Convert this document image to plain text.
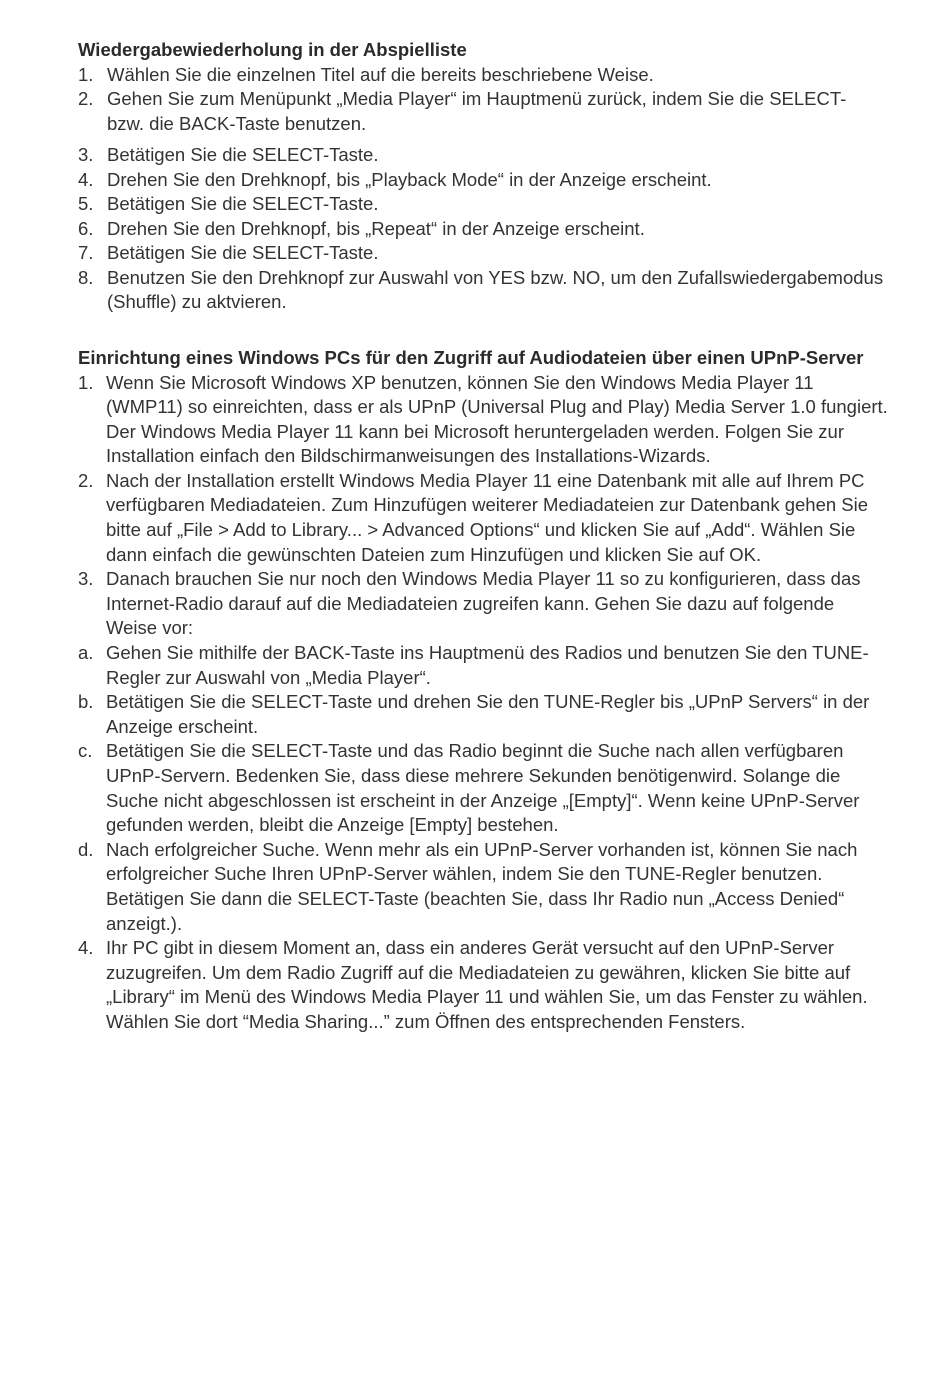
Wiedergabewiederholung in der Abspielliste
1. Wählen Sie die einzelnen Titel auf die bereits beschriebene Weise.
2. Gehen Sie zum Menüpunkt „Media Player“ im Hauptmenü zurück, indem Sie die SELECT- bzw. die BACK-Taste benutzen.
3. Betätigen Sie die SELECT-Taste.
4. Drehen Sie den Drehknopf, bis „Playback Mode“ in der Anzeige erscheint.
5. Betätigen Sie die SELECT-Taste.
6. Drehen Sie den Drehknopf, bis „Repeat“ in der Anzeige erscheint.
7. Betätigen Sie die SELECT-Taste.
8. Benutzen Sie den Drehknopf zur Auswahl von YES bzw. NO, um den Zufallswiedergabemodus (Shuffle) zu aktvieren.
Einrichtung eines Windows PCs für den Zugriff auf Audiodateien über einen UPnP-Server
1. Wenn Sie Microsoft Windows XP benutzen, können Sie den Windows Media Player 11 (WMP11) so einreichten, dass er als UPnP (Universal Plug and Play) Media Server 1.0 fungiert. Der Windows Media Player 11 kann bei Microsoft heruntergeladen werden. Folgen Sie zur Installation einfach den Bildschirmanweisungen des Installations-Wizards.
2. Nach der Installation erstellt Windows Media Player 11 eine Datenbank mit alle auf Ihrem PC verfügbaren Mediadateien. Zum Hinzufügen weiterer Mediadateien zur Datenbank gehen Sie bitte auf „File > Add to Library... > Advanced Options“ und klicken Sie auf „Add“. Wählen Sie dann einfach die gewünschten Dateien zum Hinzufügen und klicken Sie auf OK.
3. Danach brauchen Sie nur noch den Windows Media Player 11 so zu konfigurieren, dass das Internet-Radio darauf auf die Mediadateien zugreifen kann. Gehen Sie dazu auf folgende Weise vor:
a. Gehen Sie mithilfe der BACK-Taste ins Hauptmenü des Radios und benutzen Sie den TUNE-Regler zur Auswahl von „Media Player“.
b. Betätigen Sie die SELECT-Taste und drehen Sie den TUNE-Regler bis „UPnP Servers“ in der Anzeige erscheint.
c. Betätigen Sie die SELECT-Taste und das Radio beginnt die Suche nach allen verfügbaren UPnP-Servern. Bedenken Sie, dass diese mehrere Sekunden benötigenwird. Solange die Suche nicht abgeschlossen ist erscheint in der Anzeige „[Empty]“. Wenn keine UPnP-Server gefunden werden, bleibt die Anzeige [Empty] bestehen.
d. Nach erfolgreicher Suche. Wenn mehr als ein UPnP-Server vorhanden ist, können Sie nach erfolgreicher Suche Ihren UPnP-Server wählen, indem Sie den TUNE-Regler benutzen. Betätigen Sie dann die SELECT-Taste (beachten Sie, dass Ihr Radio nun „Access Denied“ anzeigt.).
4. Ihr PC gibt in diesem Moment an, dass ein anderes Gerät versucht auf den UPnP-Server zuzugreifen. Um dem Radio Zugriff auf die Mediadateien zu gewähren, klicken Sie bitte auf „Library“ im Menü des Windows Media Player 11 und wählen Sie, um das Fenster zu wählen. Wählen Sie dort “Media Sharing...” zum Öffnen des entsprechenden Fensters.
